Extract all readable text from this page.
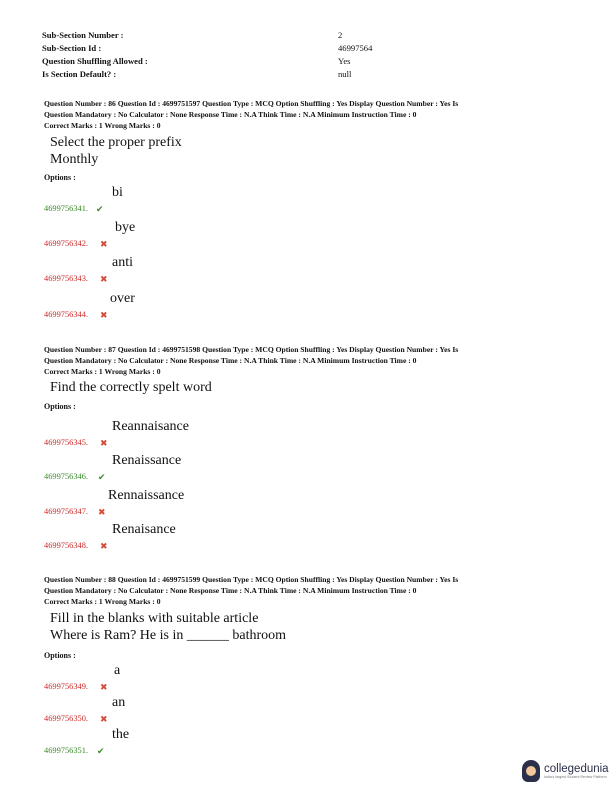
Sub-Section Number :	2
Sub-Section Id :	46997564
Question Shuffling Allowed :	Yes
Is Section Default? :	null
Question Number : 86 Question Id : 4699751597 Question Type : MCQ Option Shuffling : Yes Display Question Number : Yes Is
Question Mandatory : No Calculator : None Response Time : N.A Think Time : N.A Minimum Instruction Time : 0
Correct Marks : 1 Wrong Marks : 0
Select the proper prefix
Monthly
Options :
4699756341. ✔
bi
4699756342. ✖
bye
4699756343. ✖
anti
4699756344. ✖
over
Question Number : 87 Question Id : 4699751598 Question Type : MCQ Option Shuffling : Yes Display Question Number : Yes Is
Question Mandatory : No Calculator : None Response Time : N.A Think Time : N.A Minimum Instruction Time : 0
Correct Marks : 1 Wrong Marks : 0
Find the correctly spelt word
Options :
4699756345. ✖
Reannaisance
4699756346. ✔
Renaissance
4699756347. ✖
Rennaissance
4699756348. ✖
Renaisance
Question Number : 88 Question Id : 4699751599 Question Type : MCQ Option Shuffling : Yes Display Question Number : Yes Is
Question Mandatory : No Calculator : None Response Time : N.A Think Time : N.A Minimum Instruction Time : 0
Correct Marks : 1 Wrong Marks : 0
Fill in the blanks with suitable article
Where is Ram? He is in ______ bathroom
Options :
4699756349. ✖
a
4699756350. ✖
an
4699756351. ✔
the
collegedunia
India's largest Student Review Platform
